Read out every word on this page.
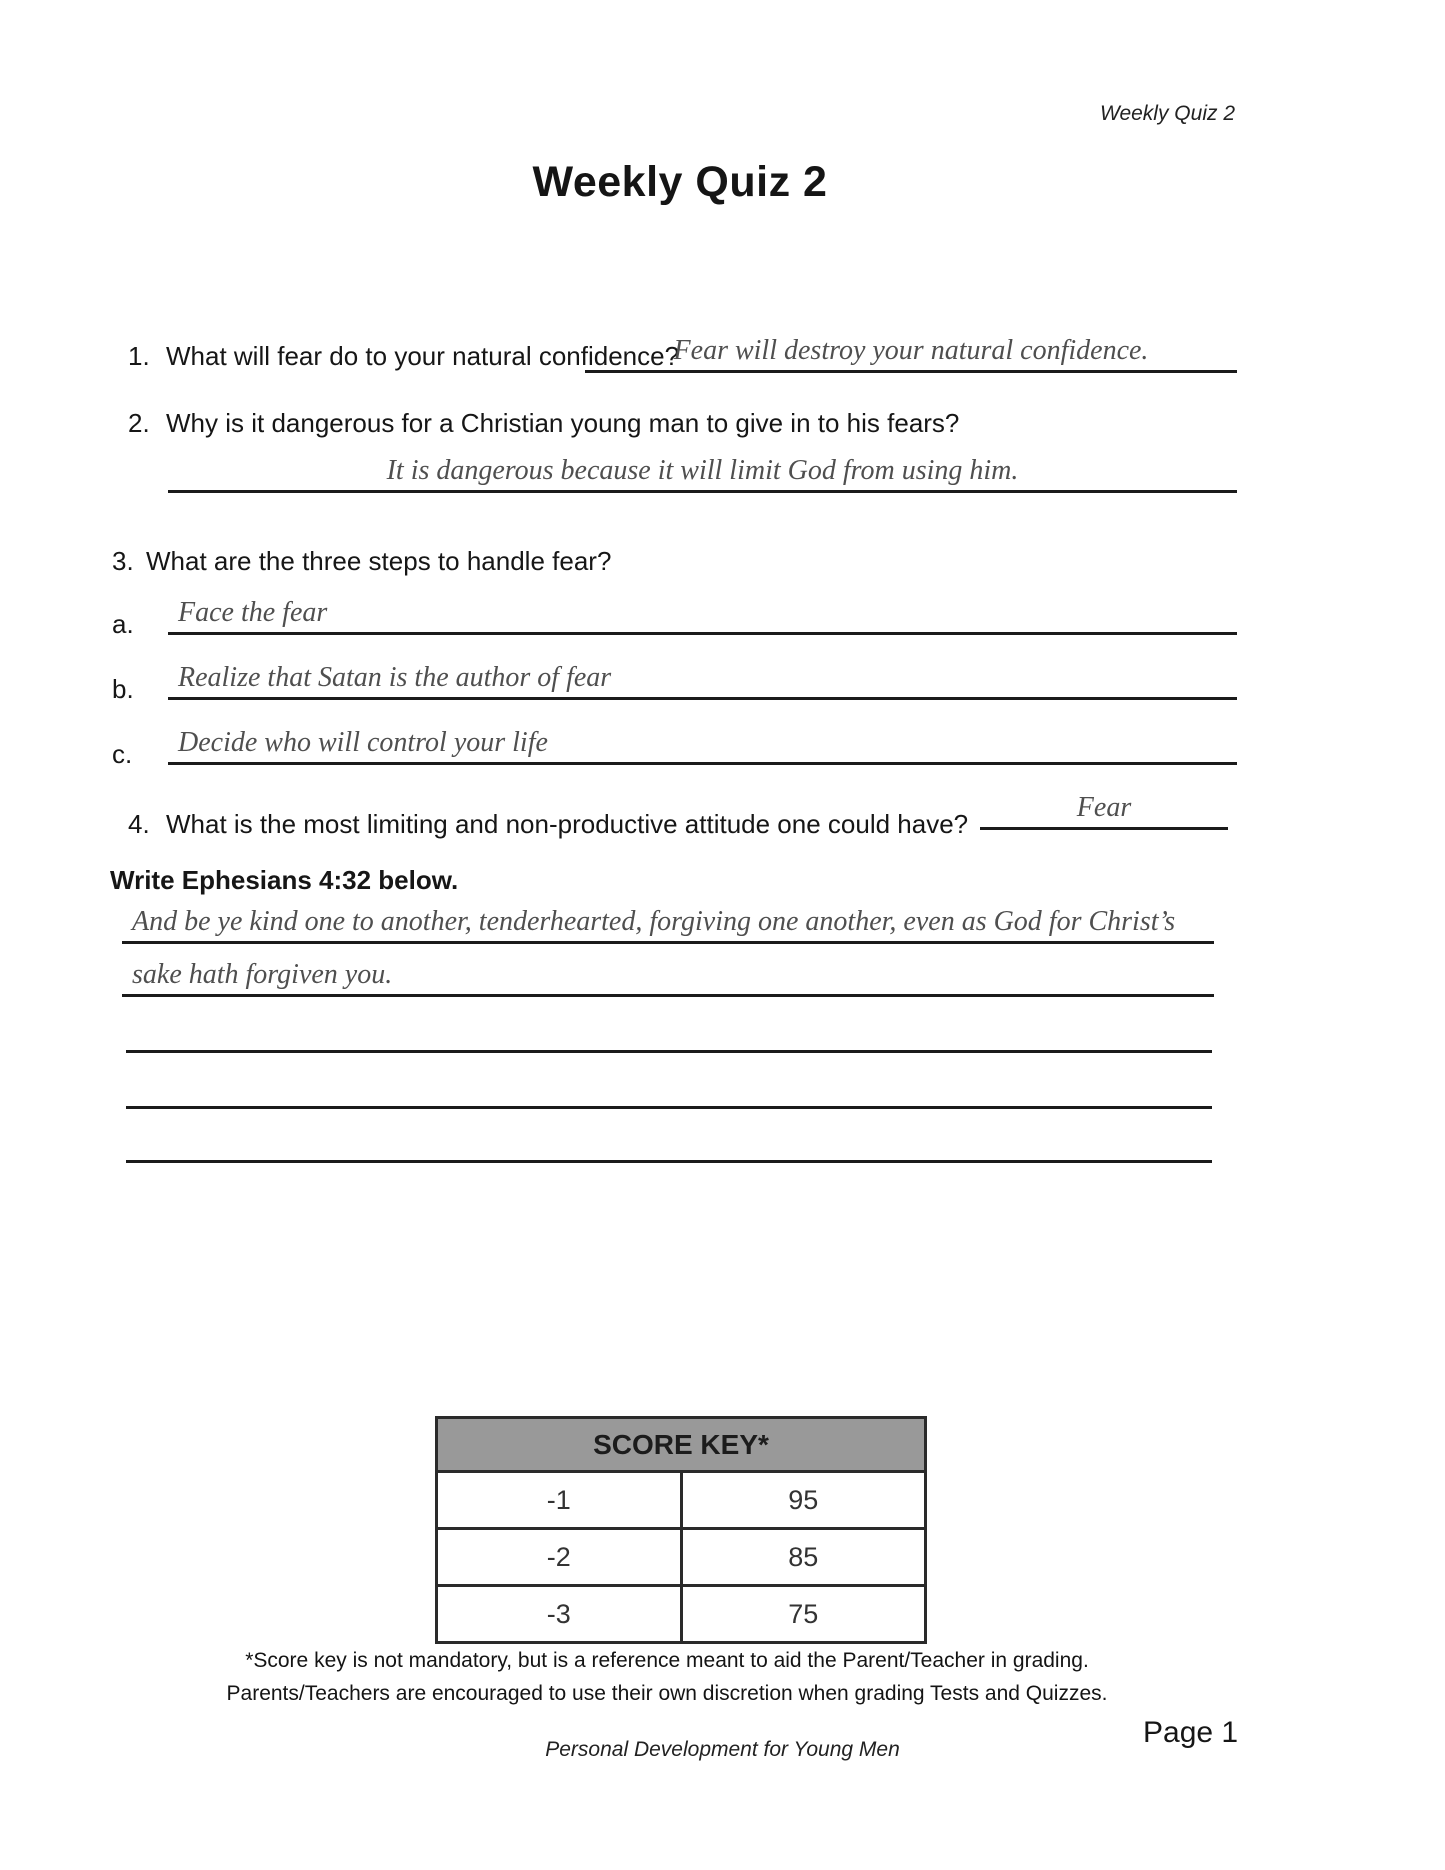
Weekly Quiz 2
Weekly Quiz 2
1. What will fear do to your natural confidence?
Fear will destroy your natural confidence.
2. Why is it dangerous for a Christian young man to give in to his fears?
It is dangerous because it will limit God from using him.
3. What are the three steps to handle fear?
a.	Face the fear
b.	Realize that Satan is the author of fear
c.	Decide who will control your life
4. What is the most limiting and non-productive attitude one could have?
Fear
Write Ephesians 4:32 below.
And be ye kind one to another, tenderhearted, forgiving one another, even as God for Christ’s
sake hath forgiven you.
SCORE KEY*	
-1	95
-2	85
-3	75
*Score key is not mandatory, but is a reference meant to aid the Parent/Teacher in grading.
Parents/Teachers are encouraged to use their own discretion when grading Tests and Quizzes.
Page 1
Personal Development for Young Men
